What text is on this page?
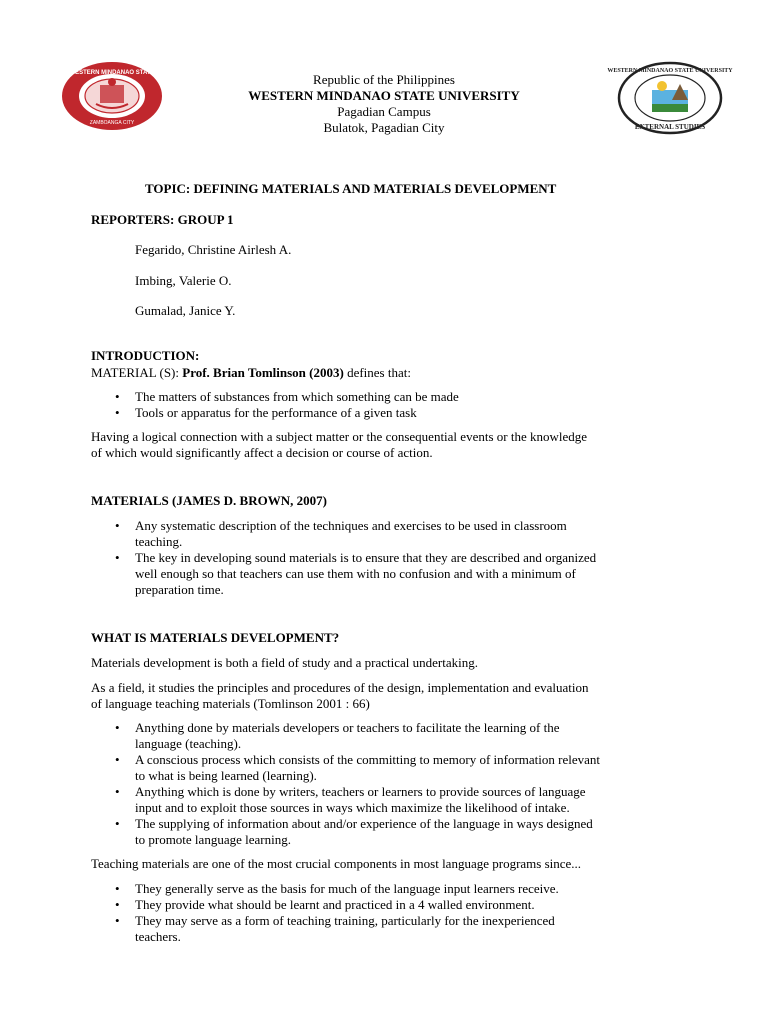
WESTERN MINDANAO STATE
ZAMBOANGA CITY
WESTERN MINDANAO STATE UNIVERSITY
EXTERNAL STUDIES
Republic of the Philippines
WESTERN MINDANAO STATE UNIVERSITY
Pagadian Campus
Bulatok, Pagadian City
TOPIC: DEFINING MATERIALS AND MATERIALS DEVELOPMENT
REPORTERS: GROUP 1
Fegarido, Christine Airlesh A.
Imbing, Valerie O.
Gumalad, Janice Y.
INTRODUCTION:
MATERIAL (S): Prof. Brian Tomlinson (2003) defines that:
• The matters of substances from which something can be made
• Tools or apparatus for the performance of a given task
Having a logical connection with a subject matter or the consequential events or the knowledge
of which would significantly affect a decision or course of action.
MATERIALS (JAMES D. BROWN, 2007)
• Any systematic description of the techniques and exercises to be used in classroom
teaching.
• The key in developing sound materials is to ensure that they are described and organized
well enough so that teachers can use them with no confusion and with a minimum of
preparation time.
WHAT IS MATERIALS DEVELOPMENT?
Materials development is both a field of study and a practical undertaking.
As a field, it studies the principles and procedures of the design, implementation and evaluation
of language teaching materials (Tomlinson 2001 : 66)
• Anything done by materials developers or teachers to facilitate the learning of the
language (teaching).
• A conscious process which consists of the committing to memory of information relevant
to what is being learned (learning).
• Anything which is done by writers, teachers or learners to provide sources of language
input and to exploit those sources in ways which maximize the likelihood of intake.
• The supplying of information about and/or experience of the language in ways designed
to promote language learning.
Teaching materials are one of the most crucial components in most language programs since...
• They generally serve as the basis for much of the language input learners receive.
• They provide what should be learnt and practiced in a 4 walled environment.
• They may serve as a form of teaching training, particularly for the inexperienced
teachers.
